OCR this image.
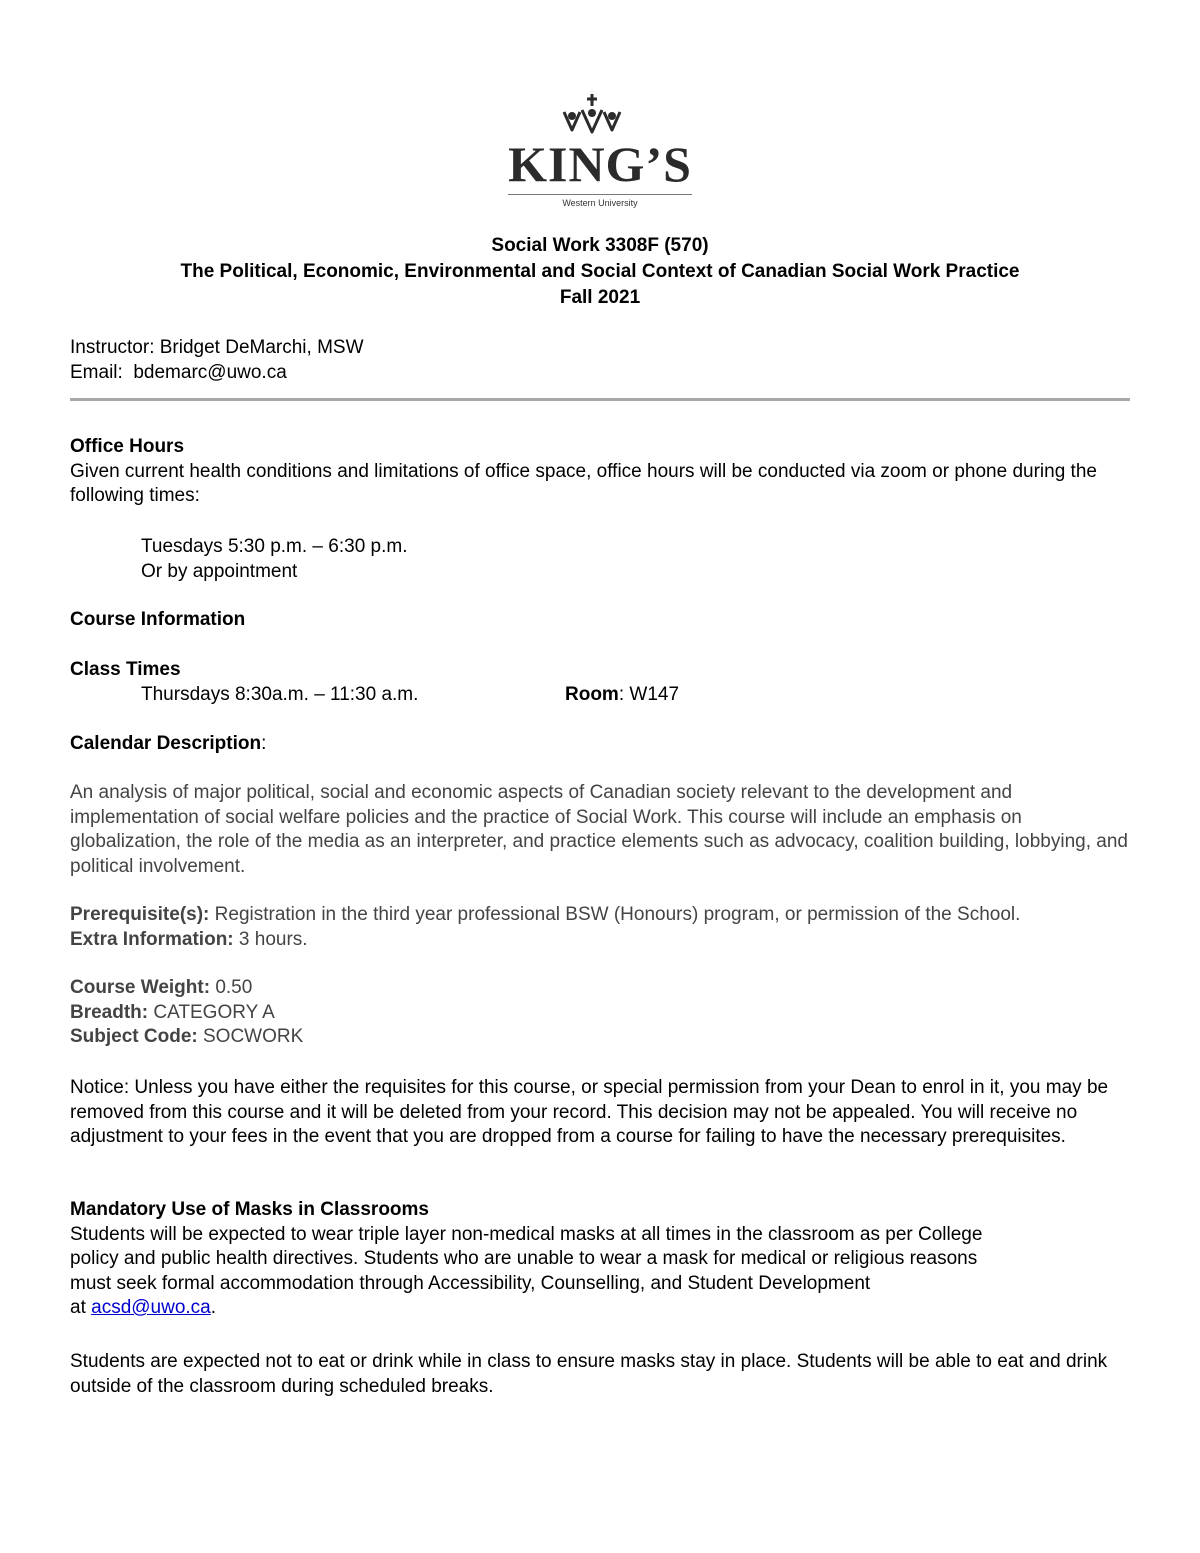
KING’S
Western University

Social Work 3308F (570)

The Political, Economic, Environmental and Social Context of Canadian Social Work Practice

Fall 2021

Instructor: Bridget DeMarchi, MSW

Email: bdemarc@uwo.ca

Office Hours

Given current health conditions and limitations of office space, office hours will be conducted via zoom or phone during the following times:

Tuesdays 5:30 p.m. – 6:30 p.m.

Or by appointment

Course Information
Class Times
Thursdays 8:30a.m. – 11:30 a.m.	Room: W147
Calendar Description:
An analysis of major political, social and economic aspects of Canadian society relevant to the development and implementation of social welfare policies and the practice of Social Work. This course will include an emphasis on globalization, the role of the media as an interpreter, and practice elements such as advocacy, coalition building, lobbying, and political involvement.

Prerequisite(s): Registration in the third year professional BSW (Honours) program, or permission of the School.

Extra Information: 3 hours.

Course Weight: 0.50

Breadth: CATEGORY A

Subject Code: SOCWORK

Notice: Unless you have either the requisites for this course, or special permission from your Dean to enrol in it, you may be removed from this course and it will be deleted from your record. This decision may not be appealed. You will receive no adjustment to your fees in the event that you are dropped from a course for failing to have the necessary prerequisites.

Mandatory Use of Masks in Classrooms

Students will be expected to wear triple layer non-medical masks at all times in the classroom as per College

policy and public health directives. Students who are unable to wear a mask for medical or religious reasons

must seek formal accommodation through Accessibility, Counselling, and Student Development

at acsd@uwo.ca.

Students are expected not to eat or drink while in class to ensure masks stay in place. Students will be able to eat and drink outside of the classroom during scheduled breaks.
